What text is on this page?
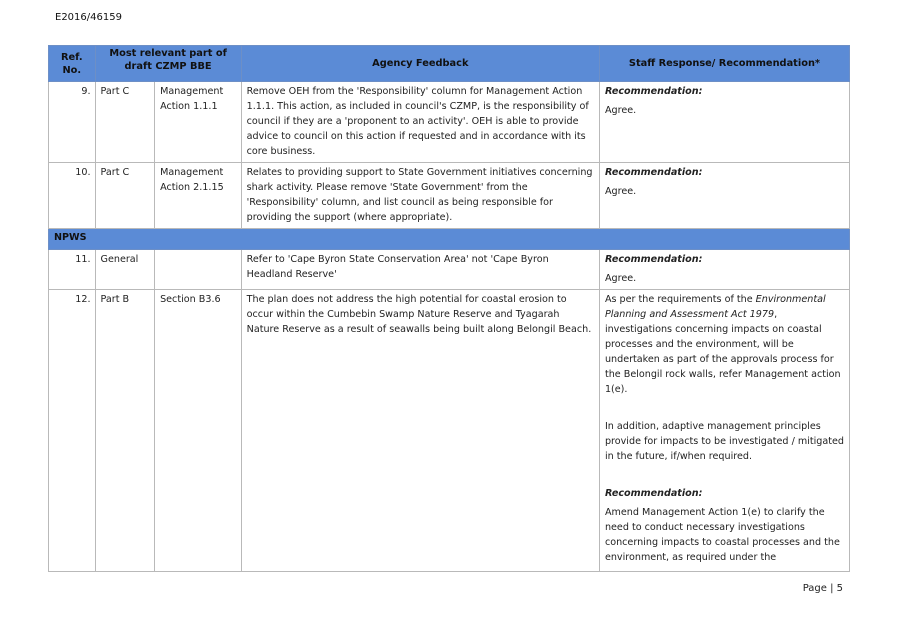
E2016/46159
Ref. No.	Most relevant part of draft CZMP BBE		Agency Feedback	Staff Response/ Recommendation*
9.	Part C	Management Action 1.1.1	Remove OEH from the 'Responsibility' column for Management Action 1.1.1. This action, as included in council's CZMP, is the responsibility of council if they are a 'proponent to an activity'. OEH is able to provide advice to council on this action if requested and in accordance with its core business.	Recommendation:
Agree.

10.	Part C	Management Action 2.1.15	Relates to providing support to State Government initiatives concerning shark activity. Please remove 'State Government' from the 'Responsibility' column, and list council as being responsible for providing the support (where appropriate).	Recommendation:
Agree.

NPWS				
11.	General		Refer to 'Cape Byron State Conservation Area' not 'Cape Byron Headland Reserve'	Recommendation:
Agree.

12.	Part B	Section B3.6	The plan does not address the high potential for coastal erosion to occur within the Cumbebin Swamp Nature Reserve and Tyagarah Nature Reserve as a result of seawalls being built along Belongil Beach.	As per the requirements of the Environmental Planning and Assessment Act 1979, investigations concerning impacts on coastal processes and the environment, will be undertaken as part of the approvals process for the Belongil rock walls, refer Management action 1(e).
In addition, adaptive management principles provide for impacts to be investigated / mitigated in the future, if/when required.
Recommendation:
Amend Management Action 1(e) to clarify the need to conduct necessary investigations concerning impacts to coastal processes and the environment, as required under the
Page | 5
